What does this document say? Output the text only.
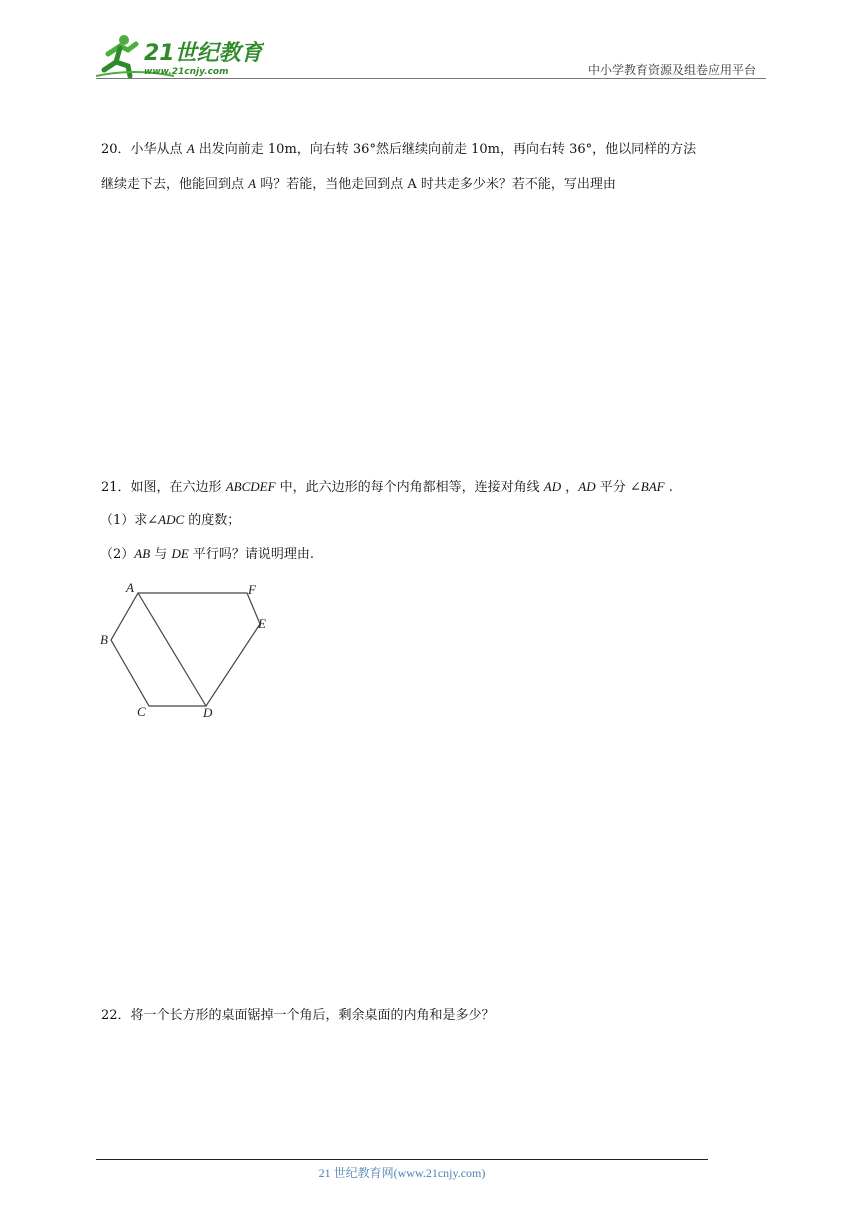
21世纪教育
www.21cnjy.com	中小学教育资源及组卷应用平台
20．小华从点 A 出发向前走 10m，向右转 36°然后继续向前走 10m，再向右转 36°，他以同样的方法
继续走下去，他能回到点 A 吗？若能，当他走回到点 A 时共走多少米？若不能，写出理由
21．如图，在六边形 ABCDEF 中，此六边形的每个内角都相等，连接对角线 AD ，AD 平分 ∠BAF .
（1）求∠ADC 的度数；
（2）AB 与 DE 平行吗？请说明理由.
A	F
E
B
C	D
22．将一个长方形的桌面锯掉一个角后，剩余桌面的内角和是多少？
21 世纪教育网(www.21cnjy.com)
